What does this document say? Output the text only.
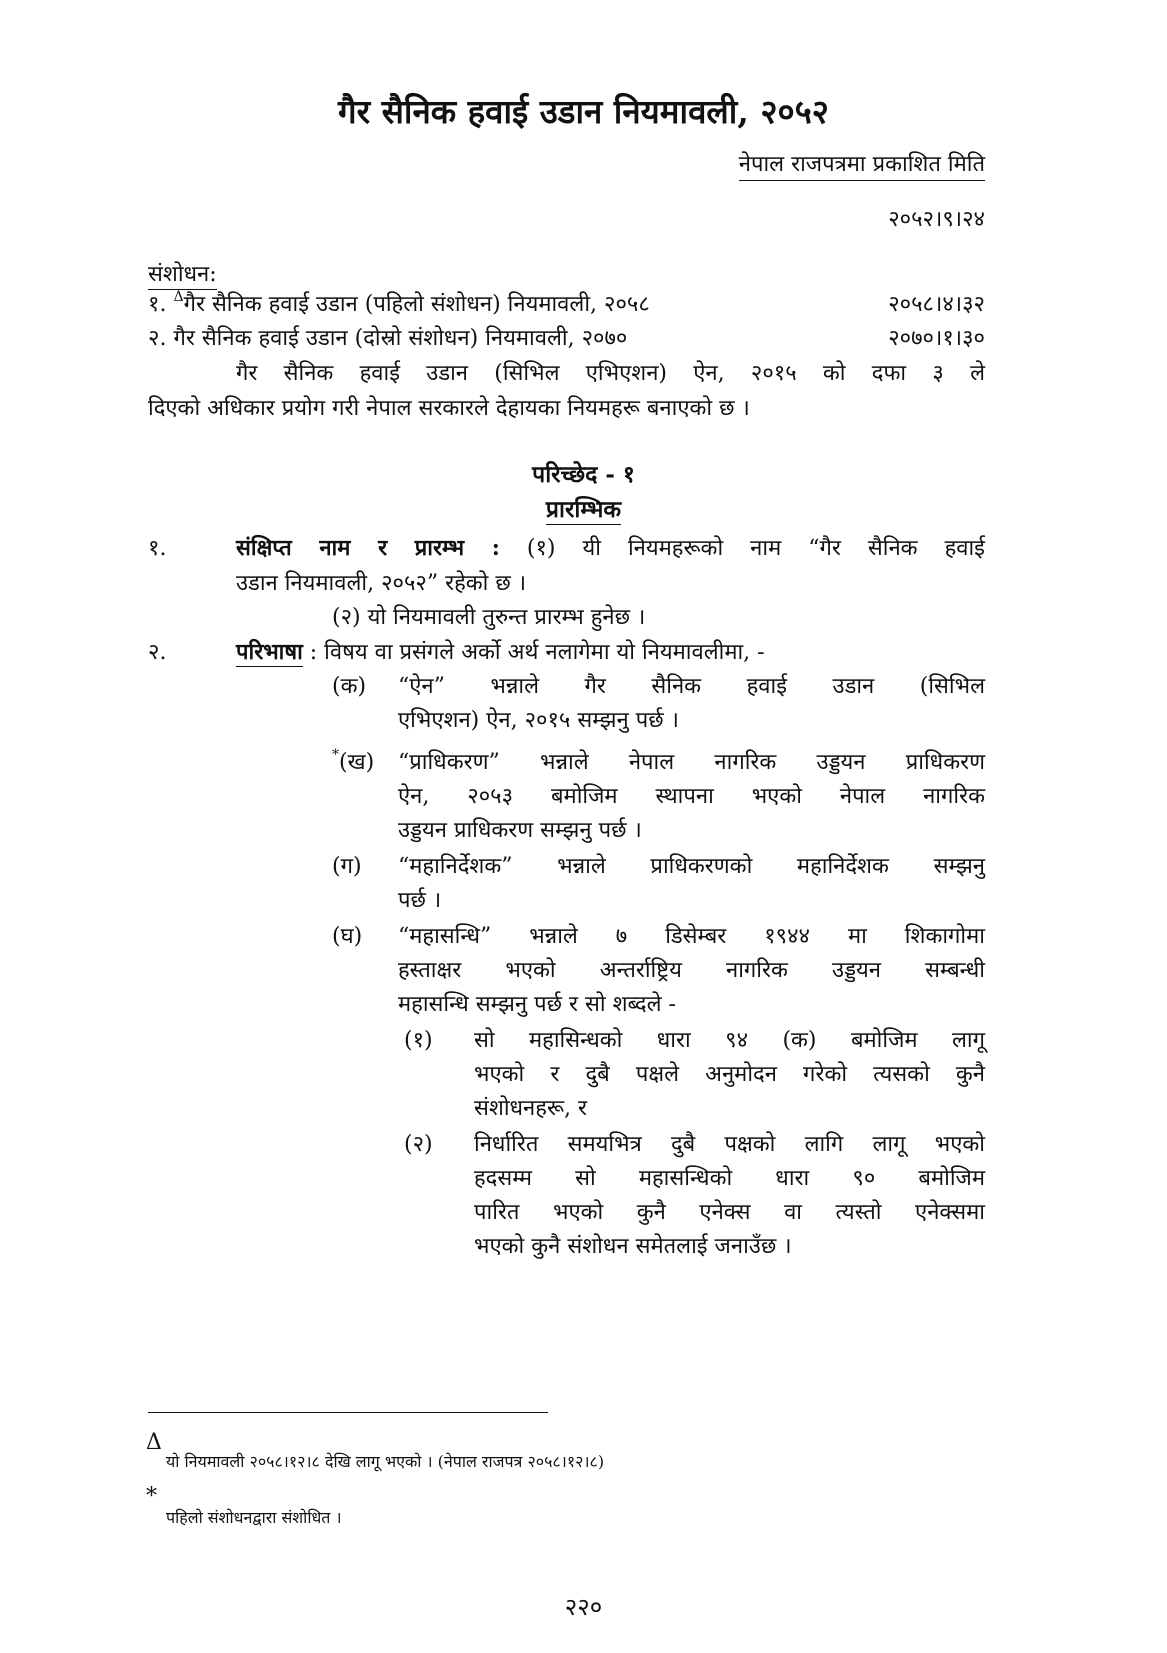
गैर सैनिक हवाई उडान नियमावली, २०५२
नेपाल राजपत्रमा प्रकाशित मिति
२०५२।९।२४
संशोधन:
१. $^\Delta$गैर सैनिक हवाई उडान (पहिलो संशोधन) नियमावली, २०५८	२०५८।४।३२
२. गैर सैनिक हवाई उडान (दोस्रो संशोधन) नियमावली, २०७०	२०७०।१।३०
गैर सैनिक हवाई उडान (सिभिल एभिएशन) ऐन, २०१५ को दफा ३ ले
दिएको अधिकार प्रयोग गरी नेपाल सरकारले देहायका नियमहरू बनाएको छ ।
परिच्छेद - १
प्रारम्भिक
१.	संक्षिप्त नाम र प्रारम्भ : (१) यी नियमहरूको नाम “गैर सैनिक हवाई
उडान नियमावली, २०५२” रहेको छ ।
(२) यो नियमावली तुरुन्त प्रारम्भ हुनेछ ।
२.	परिभाषा : विषय वा प्रसंगले अर्को अर्थ नलागेमा यो नियमावलीमा, -
(क) “ऐन” भन्नाले गैर सैनिक हवाई उडान (सिभिल
एभिएशन) ऐन, २०१५ सम्झनु पर्छ ।
*(ख) “प्राधिकरण” भन्नाले नेपाल नागरिक उड्डयन प्राधिकरण
ऐन, २०५३ बमोजिम स्थापना भएको नेपाल नागरिक
उड्डयन प्राधिकरण सम्झनु पर्छ ।
(ग) “महानिर्देशक” भन्नाले प्राधिकरणको महानिर्देशक सम्झनु
पर्छ ।
(घ) “महासन्धि” भन्नाले ७ डिसेम्बर १९४४ मा शिकागोमा
हस्ताक्षर भएको अन्तर्राष्ट्रिय नागरिक उड्डयन सम्बन्धी
महासन्धि सम्झनु पर्छ र सो शब्दले -
(१) सो महासिन्धको धारा ९४ (क) बमोजिम लागू
भएको र दुबै पक्षले अनुमोदन गरेको त्यसको कुनै
संशोधनहरू, र
(२) निर्धारित समयभित्र दुबै पक्षको लागि लागू भएको
हदसम्म सो महासन्धिको धारा ९० बमोजिम
पारित भएको कुनै एनेक्स वा त्यस्तो एनेक्समा
भएको कुनै संशोधन समेतलाई जनाउँछ ।
Δ
यो नियमावली २०५८।१२।८ देखि लागू भएको । (नेपाल राजपत्र २०५८।१२।८)
*
पहिलो संशोधनद्वारा संशोधित ।
२२०
